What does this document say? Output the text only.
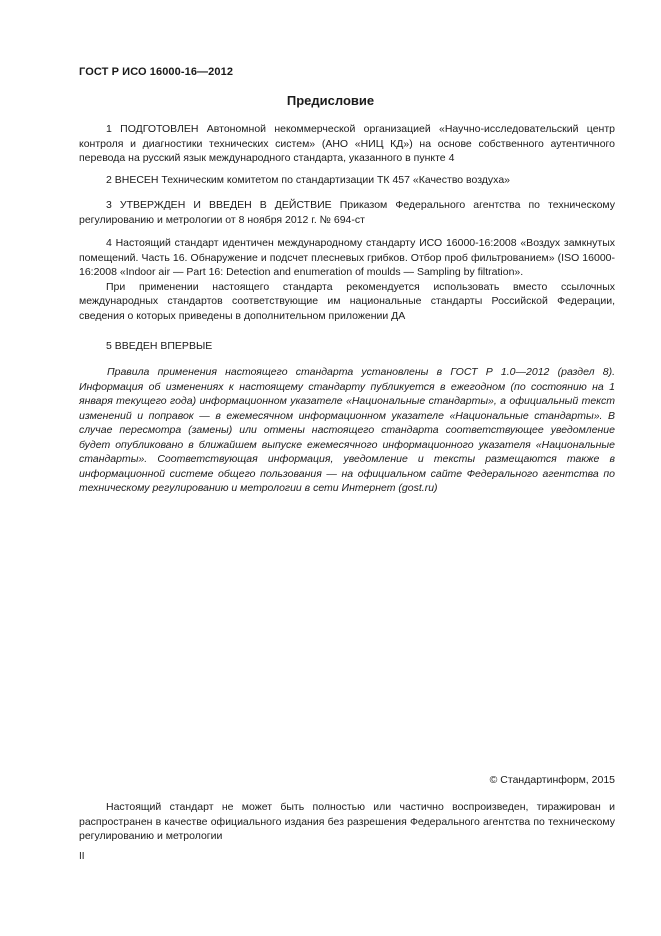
ГОСТ Р ИСО 16000-16—2012
Предисловие

1 ПОДГОТОВЛЕН Автономной некоммерческой организацией «Научно-исследовательский центр контроля и диагностики технических систем» (АНО «НИЦ КД») на основе собственного аутентичного перевода на русский язык международного стандарта, указанного в пункте 4

2 ВНЕСЕН Техническим комитетом по стандартизации ТК 457 «Качество воздуха»

3 УТВЕРЖДЕН И ВВЕДЕН В ДЕЙСТВИЕ Приказом Федерального агентства по техническому регулированию и метрологии от 8 ноября 2012 г. № 694-ст

4 Настоящий стандарт идентичен международному стандарту ИСО 16000-16:2008 «Воздух замкнутых помещений. Часть 16. Обнаружение и подсчет плесневых грибков. Отбор проб фильтрованием» (ISO 16000-16:2008 «Indoor air — Part 16: Detection and enumeration of moulds — Sampling by filtration».

При применении настоящего стандарта рекомендуется использовать вместо ссылочных международных стандартов соответствующие им национальные стандарты Российской Федерации, сведения о которых приведены в дополнительном приложении ДА

5 ВВЕДЕН ВПЕРВЫЕ

Правила применения настоящего стандарта установлены в ГОСТ Р 1.0—2012 (раздел 8). Информация об изменениях к настоящему стандарту публикуется в ежегодном (по состоянию на 1 января текущего года) информационном указателе «Национальные стандарты», а официальный текст изменений и поправок — в ежемесячном информационном указателе «Национальные стандарты». В случае пересмотра (замены) или отмены настоящего стандарта соответствующее уведомление будет опубликовано в ближайшем выпуске ежемесячного информационного указателя «Национальные стандарты». Соответствующая информация, уведомление и тексты размещаются также в информационной системе общего пользования — на официальном сайте Федерального агентства по техническому регулированию и метрологии в сети Интернет (gost.ru)

© Стандартинформ, 2015

Настоящий стандарт не может быть полностью или частично воспроизведен, тиражирован и распространен в качестве официального издания без разрешения Федерального агентства по техническому регулированию и метрологии

II
